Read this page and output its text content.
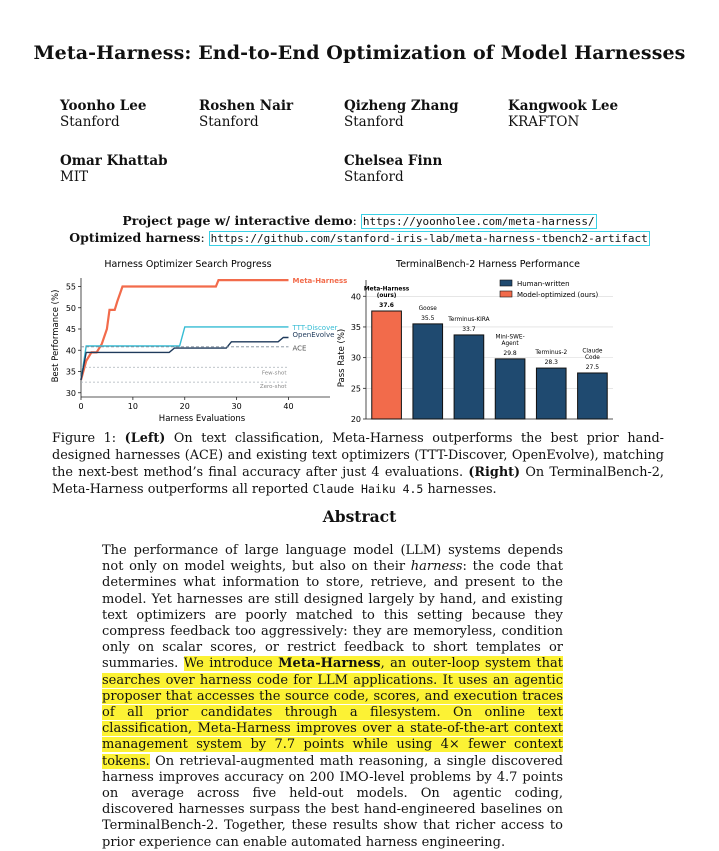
Meta-Harness: End-to-End Optimization of Model Harnesses
Yoonho Lee
Stanford
Roshen Nair
Stanford
Qizheng Zhang
Stanford
Kangwook Lee
KRAFTON
Omar Khattab
MIT
Chelsea Finn
Stanford
Project page w/ interactive demo: https://yoonholee.com/meta-harness/
Optimized harness: https://github.com/stanford-iris-lab/meta-harness-tbench2-artifact
Harness Optimizer Search Progress
Best Performance (%)
Harness Evaluations
30
35
40
45
50
55
0	10	20	30	40
Meta-Harness
TTT-Discover
OpenEvolve
ACE
Few-shot
Zero-shot
TerminalBench-2 Harness Performance
Pass Rate (%)
20
25
30
35
40
37.6
Meta-Harness
(ours)
35.5
Goose
33.7
Terminus-KIRA
29.8
Mini-SWE-
Agent
28.3
Terminus-2
27.5
Claude
Code
Human-written
Model-optimized (ours)
Figure 1: (Left) On text classification, Meta-Harness outperforms the best prior hand-designed harnesses (ACE) and existing text optimizers (TTT-Discover, OpenEvolve), matching the next-best method’s final accuracy after just 4 evaluations. (Right) On TerminalBench-2, Meta-Harness outperforms all reported Claude Haiku 4.5 harnesses.
Abstract
The performance of large language model (LLM) systems depends not only on model weights, but also on their harness: the code that determines what information to store, retrieve, and present to the model. Yet harnesses are still designed largely by hand, and existing text optimizers are poorly matched to this setting because they compress feedback too aggressively: they are memoryless, condition only on scalar scores, or restrict feedback to short templates or summaries. We introduce Meta-Harness, an outer-loop system that searches over harness code for LLM applications. It uses an agentic proposer that accesses the source code, scores, and execution traces of all prior candidates through a filesystem. On online text classification, Meta-Harness improves over a state-of-the-art context management system by 7.7 points while using 4× fewer context tokens. On retrieval-augmented math reasoning, a single discovered harness improves accuracy on 200 IMO-level problems by 4.7 points on average across five held-out models. On agentic coding, discovered harnesses surpass the best hand-engineered baselines on TerminalBench-2. Together, these results show that richer access to prior experience can enable automated harness engineering.
